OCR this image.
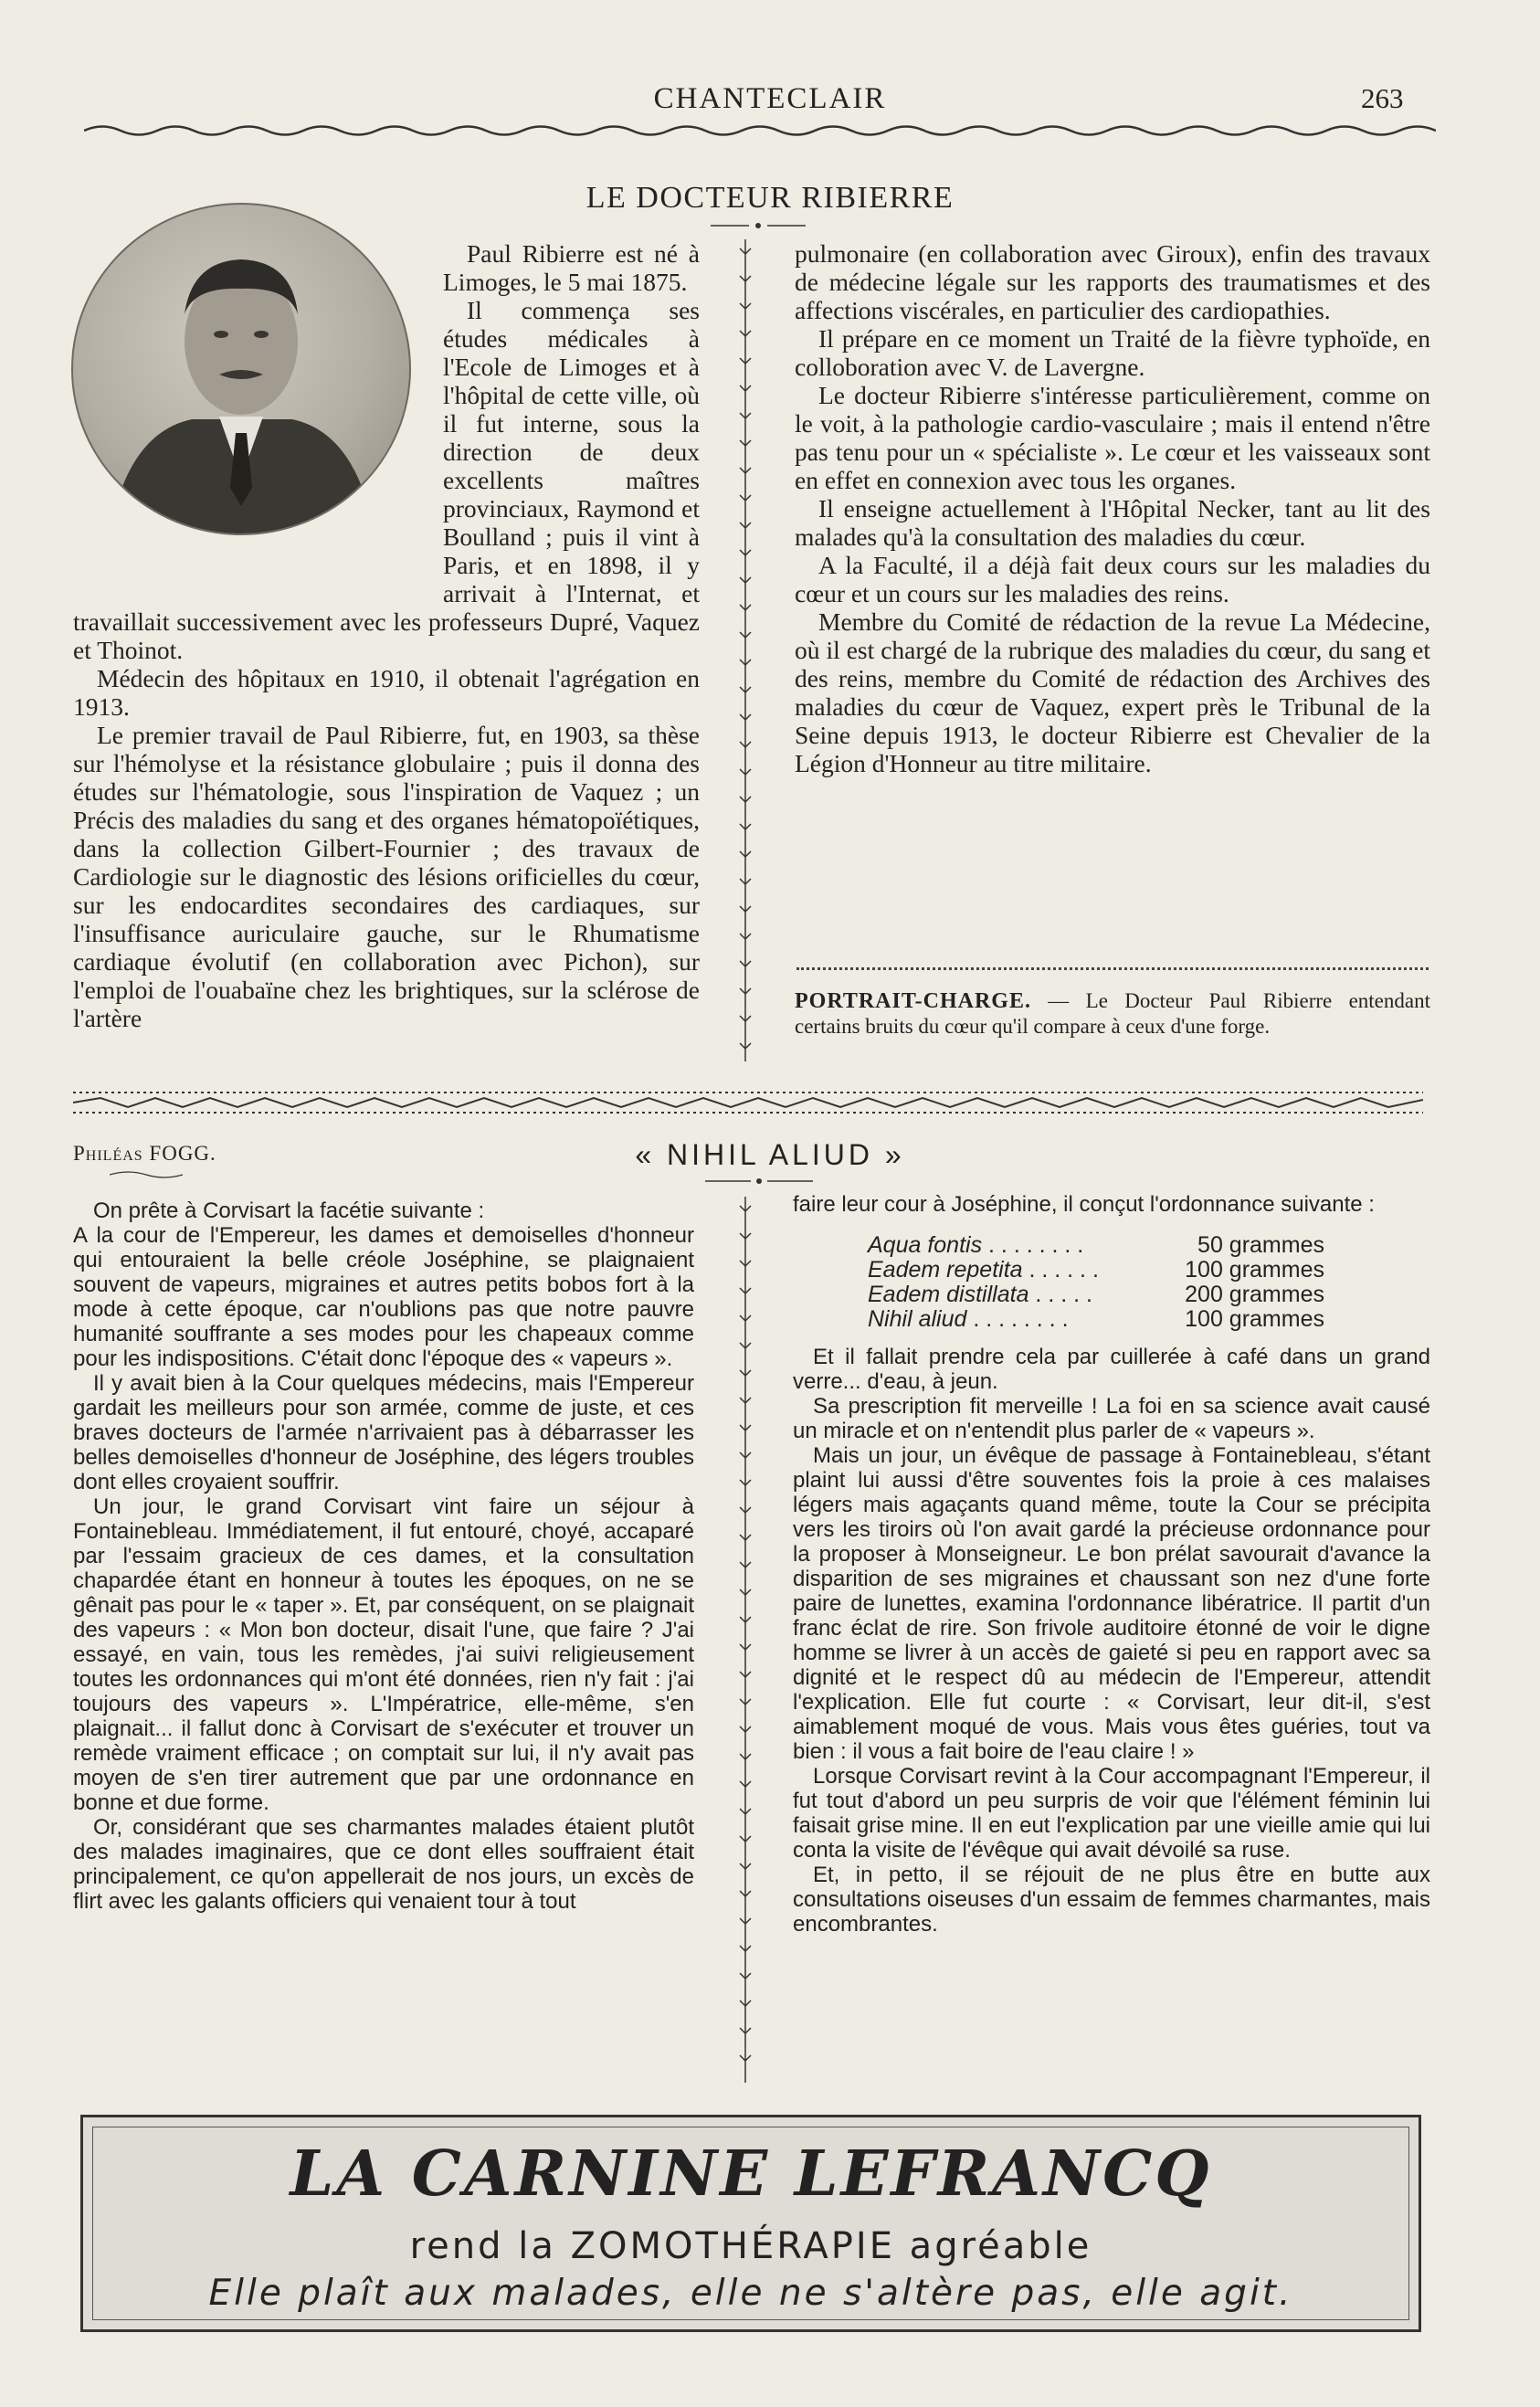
CHANTECLAIR	263
LE DOCTEUR RIBIERRE

Paul Ribierre est né à Limoges, le 5 mai 1875.

Il commença ses études médicales à l'Ecole de Limoges et à l'hôpital de cette ville, où il fut interne, sous la direction de deux excellents maîtres provinciaux, Raymond et Boulland ; puis il vint à Paris, et en 1898, il y arrivait à l'Internat, et travaillait successivement avec les professeurs Dupré, Vaquez et Thoinot.

Médecin des hôpitaux en 1910, il obtenait l'agrégation en 1913.

Le premier travail de Paul Ribierre, fut, en 1903, sa thèse sur l'hémolyse et la résistance globulaire ; puis il donna des études sur l'hématologie, sous l'inspiration de Vaquez ; un Précis des maladies du sang et des organes hématopoïétiques, dans la collection Gilbert-Fournier ; des travaux de Cardiologie sur le diagnostic des lésions orificielles du cœur, sur les endocardites secondaires des cardiaques, sur l'insuffisance auriculaire gauche, sur le Rhumatisme cardiaque évolutif (en collaboration avec Pichon), sur l'emploi de l'ouabaïne chez les brightiques, sur la sclérose de l'artère

pulmonaire (en collaboration avec Giroux), enfin des travaux de médecine légale sur les rapports des traumatismes et des affections viscérales, en particulier des cardiopathies.

Il prépare en ce moment un Traité de la fièvre typhoïde, en colloboration avec V. de Lavergne.

Le docteur Ribierre s'intéresse particulièrement, comme on le voit, à la pathologie cardio-vasculaire ; mais il entend n'être pas tenu pour un « spécialiste ». Le cœur et les vaisseaux sont en effet en connexion avec tous les organes.

Il enseigne actuellement à l'Hôpital Necker, tant au lit des malades qu'à la consultation des maladies du cœur.

A la Faculté, il a déjà fait deux cours sur les maladies du cœur et un cours sur les maladies des reins.

Membre du Comité de rédaction de la revue La Médecine, où il est chargé de la rubrique des maladies du cœur, du sang et des reins, membre du Comité de rédaction des Archives des maladies du cœur de Vaquez, expert près le Tribunal de la Seine depuis 1913, le docteur Ribierre est Chevalier de la Légion d'Honneur au titre militaire.

PORTRAIT-CHARGE. — Le Docteur Paul Ribierre entendant certains bruits du cœur qu'il compare à ceux d'une forge.
Philéas FOGG.	« NIHIL ALIUD »

On prête à Corvisart la facétie suivante :

A la cour de l'Empereur, les dames et demoiselles d'honneur qui entouraient la belle créole Joséphine, se plaignaient souvent de vapeurs, migraines et autres petits bobos fort à la mode à cette époque, car n'oublions pas que notre pauvre humanité souffrante a ses modes pour les chapeaux comme pour les indispositions. C'était donc l'époque des « vapeurs ».

Il y avait bien à la Cour quelques médecins, mais l'Empereur gardait les meilleurs pour son armée, comme de juste, et ces braves docteurs de l'armée n'arrivaient pas à débarrasser les belles demoiselles d'honneur de Joséphine, des légers troubles dont elles croyaient souffrir.

Un jour, le grand Corvisart vint faire un séjour à Fontainebleau. Immédiatement, il fut entouré, choyé, accaparé par l'essaim gracieux de ces dames, et la consultation chapardée étant en honneur à toutes les époques, on ne se gênait pas pour le « taper ». Et, par conséquent, on se plaignait des vapeurs : « Mon bon docteur, disait l'une, que faire ? J'ai essayé, en vain, tous les remèdes, j'ai suivi religieusement toutes les ordonnances qui m'ont été données, rien n'y fait : j'ai toujours des vapeurs ». L'Impératrice, elle-même, s'en plaignait... il fallut donc à Corvisart de s'exécuter et trouver un remède vraiment efficace ; on comptait sur lui, il n'y avait pas moyen de s'en tirer autrement que par une ordonnance en bonne et due forme.

Or, considérant que ses charmantes malades étaient plutôt des malades imaginaires, que ce dont elles souffraient était principalement, ce qu'on appellerait de nos jours, un excès de flirt avec les galants officiers qui venaient tour à tout

faire leur cour à Joséphine, il conçut l'ordonnance suivante :

Aqua fontis . . . . . . . .	50 grammes
Eadem repetita . . . . . .	100 grammes
Eadem distillata . . . . .	200 grammes
Nihil aliud . . . . . . . .	100 grammes

Et il fallait prendre cela par cuillerée à café dans un grand verre... d'eau, à jeun.

Sa prescription fit merveille ! La foi en sa science avait causé un miracle et on n'entendit plus parler de « vapeurs ».

Mais un jour, un évêque de passage à Fontainebleau, s'étant plaint lui aussi d'être souventes fois la proie à ces malaises légers mais agaçants quand même, toute la Cour se précipita vers les tiroirs où l'on avait gardé la précieuse ordonnance pour la proposer à Monseigneur. Le bon prélat savourait d'avance la disparition de ses migraines et chaussant son nez d'une forte paire de lunettes, examina l'ordonnance libératrice. Il partit d'un franc éclat de rire. Son frivole auditoire étonné de voir le digne homme se livrer à un accès de gaieté si peu en rapport avec sa dignité et le respect dû au médecin de l'Empereur, attendit l'explication. Elle fut courte : « Corvisart, leur dit-il, s'est aimablement moqué de vous. Mais vous êtes guéries, tout va bien : il vous a fait boire de l'eau claire ! »

Lorsque Corvisart revint à la Cour accompagnant l'Empereur, il fut tout d'abord un peu surpris de voir que l'élément féminin lui faisait grise mine. Il en eut l'explication par une vieille amie qui lui conta la visite de l'évêque qui avait dévoilé sa ruse.

Et, in petto, il se réjouit de ne plus être en butte aux consultations oiseuses d'un essaim de femmes charmantes, mais encombrantes.

LA CARNINE LEFRANCQ
rend la ZOMOTHÉRAPIE agréable
Elle plaît aux malades, elle ne s'altère pas, elle agit.
